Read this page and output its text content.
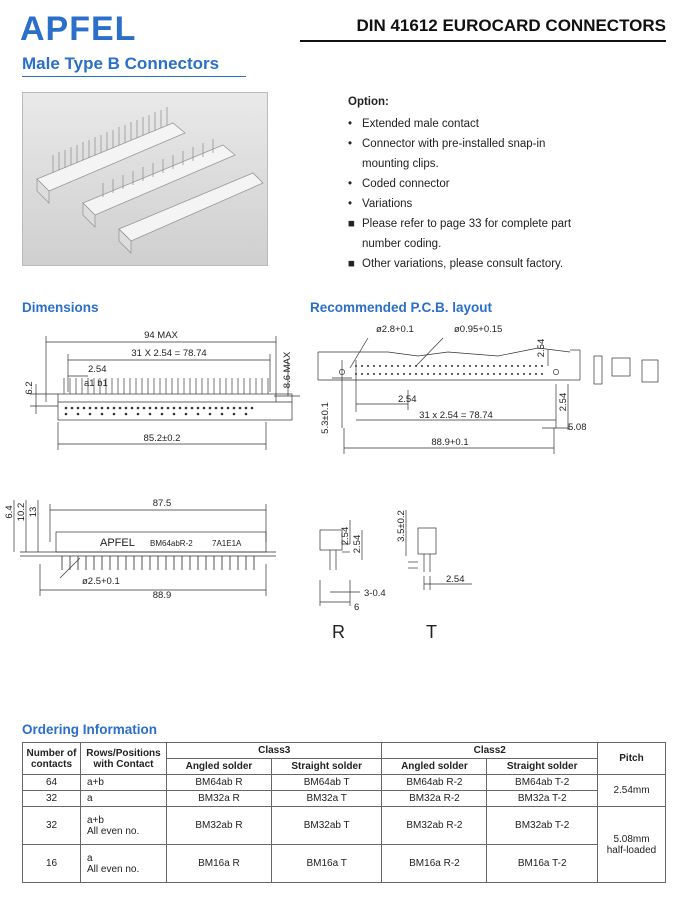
APFEL	DIN 41612 EUROCARD CONNECTORS
Male Type B Connectors
Option:
• Extended male contact
• Connector with pre-installed snap-in
mounting clips.
• Coded connector
• Variations
■ Please refer to page 33 for complete part
number coding.
■ Other variations, please consult factory.
Dimensions	Recommended P.C.B. layout
94 MAX
31 X 2.54 = 78.74
2.54
a1 b1
6.2	8.6 MAX
85.2±0.2
ø2.8+0.1	ø0.95+0.15
2.54
2.54	2.54
5.3±0.1	31 x 2.54 = 78.74
5.08
88.9+0.1
6.4 10.2 13
87.5
APFEL BM64abR-2 7A1E1A
ø2.5+0.1
88.9
2.54 2.54
3-0.4
6
R
3.5±0.2
2.54
T
Ordering Information
Number of contacts	Rows/Positions with Contact	Class3		Class2		Pitch
		Angled solder	Straight solder	Angled solder	Straight solder	
64	a+b	BM64ab R	BM64ab T	BM64ab R-2	BM64ab T-2	2.54mm
32	a	BM32a R	BM32a T	BM32a R-2	BM32a T-2	
32	a+b
All even no.	BM32ab R	BM32ab T	BM32ab R-2	BM32ab T-2	5.08mm
half-loaded
16	a
All even no.	BM16a R	BM16a T	BM16a R-2	BM16a T-2	
